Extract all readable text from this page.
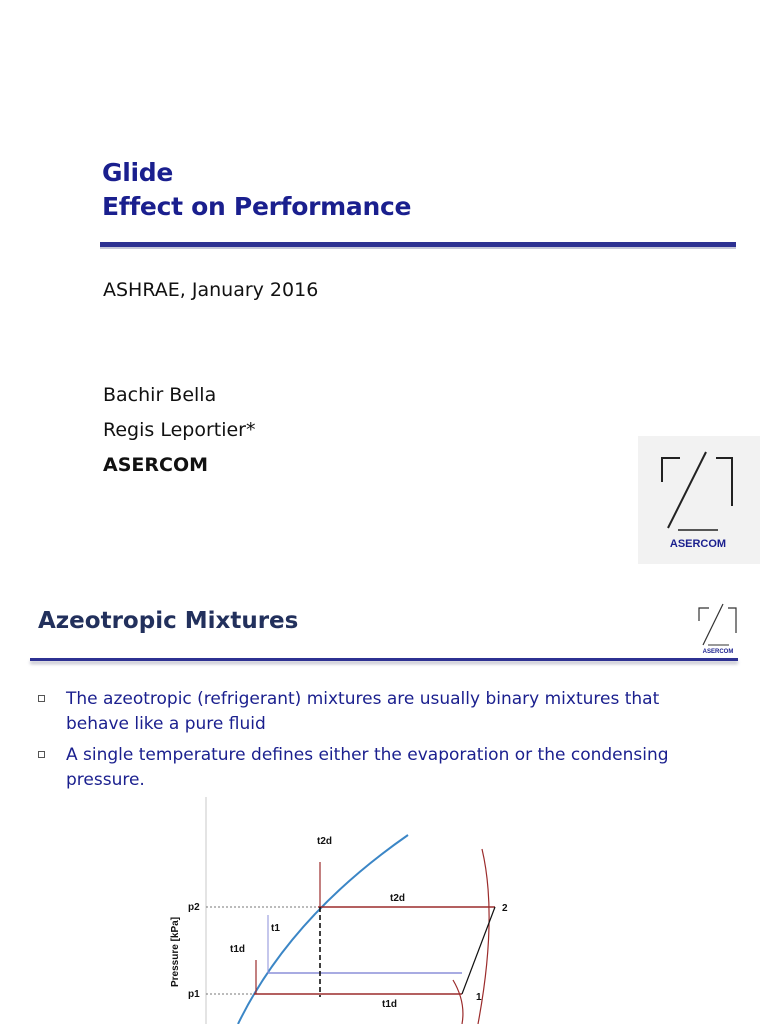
Glide
Effect on Performance
ASHRAE, January 2016
Bachir Bella
Regis Leportier*
ASERCOM
ASERCOM
Azeotropic Mixtures
ASERCOM
The azeotropic (refrigerant) mixtures are usually binary mixtures that behave like a pure fluid
A single temperature defines either the evaporation or the condensing pressure.
Pressure [kPa]
p2
p1
t2d
t2d
t1
t1d
t1d
2
1
